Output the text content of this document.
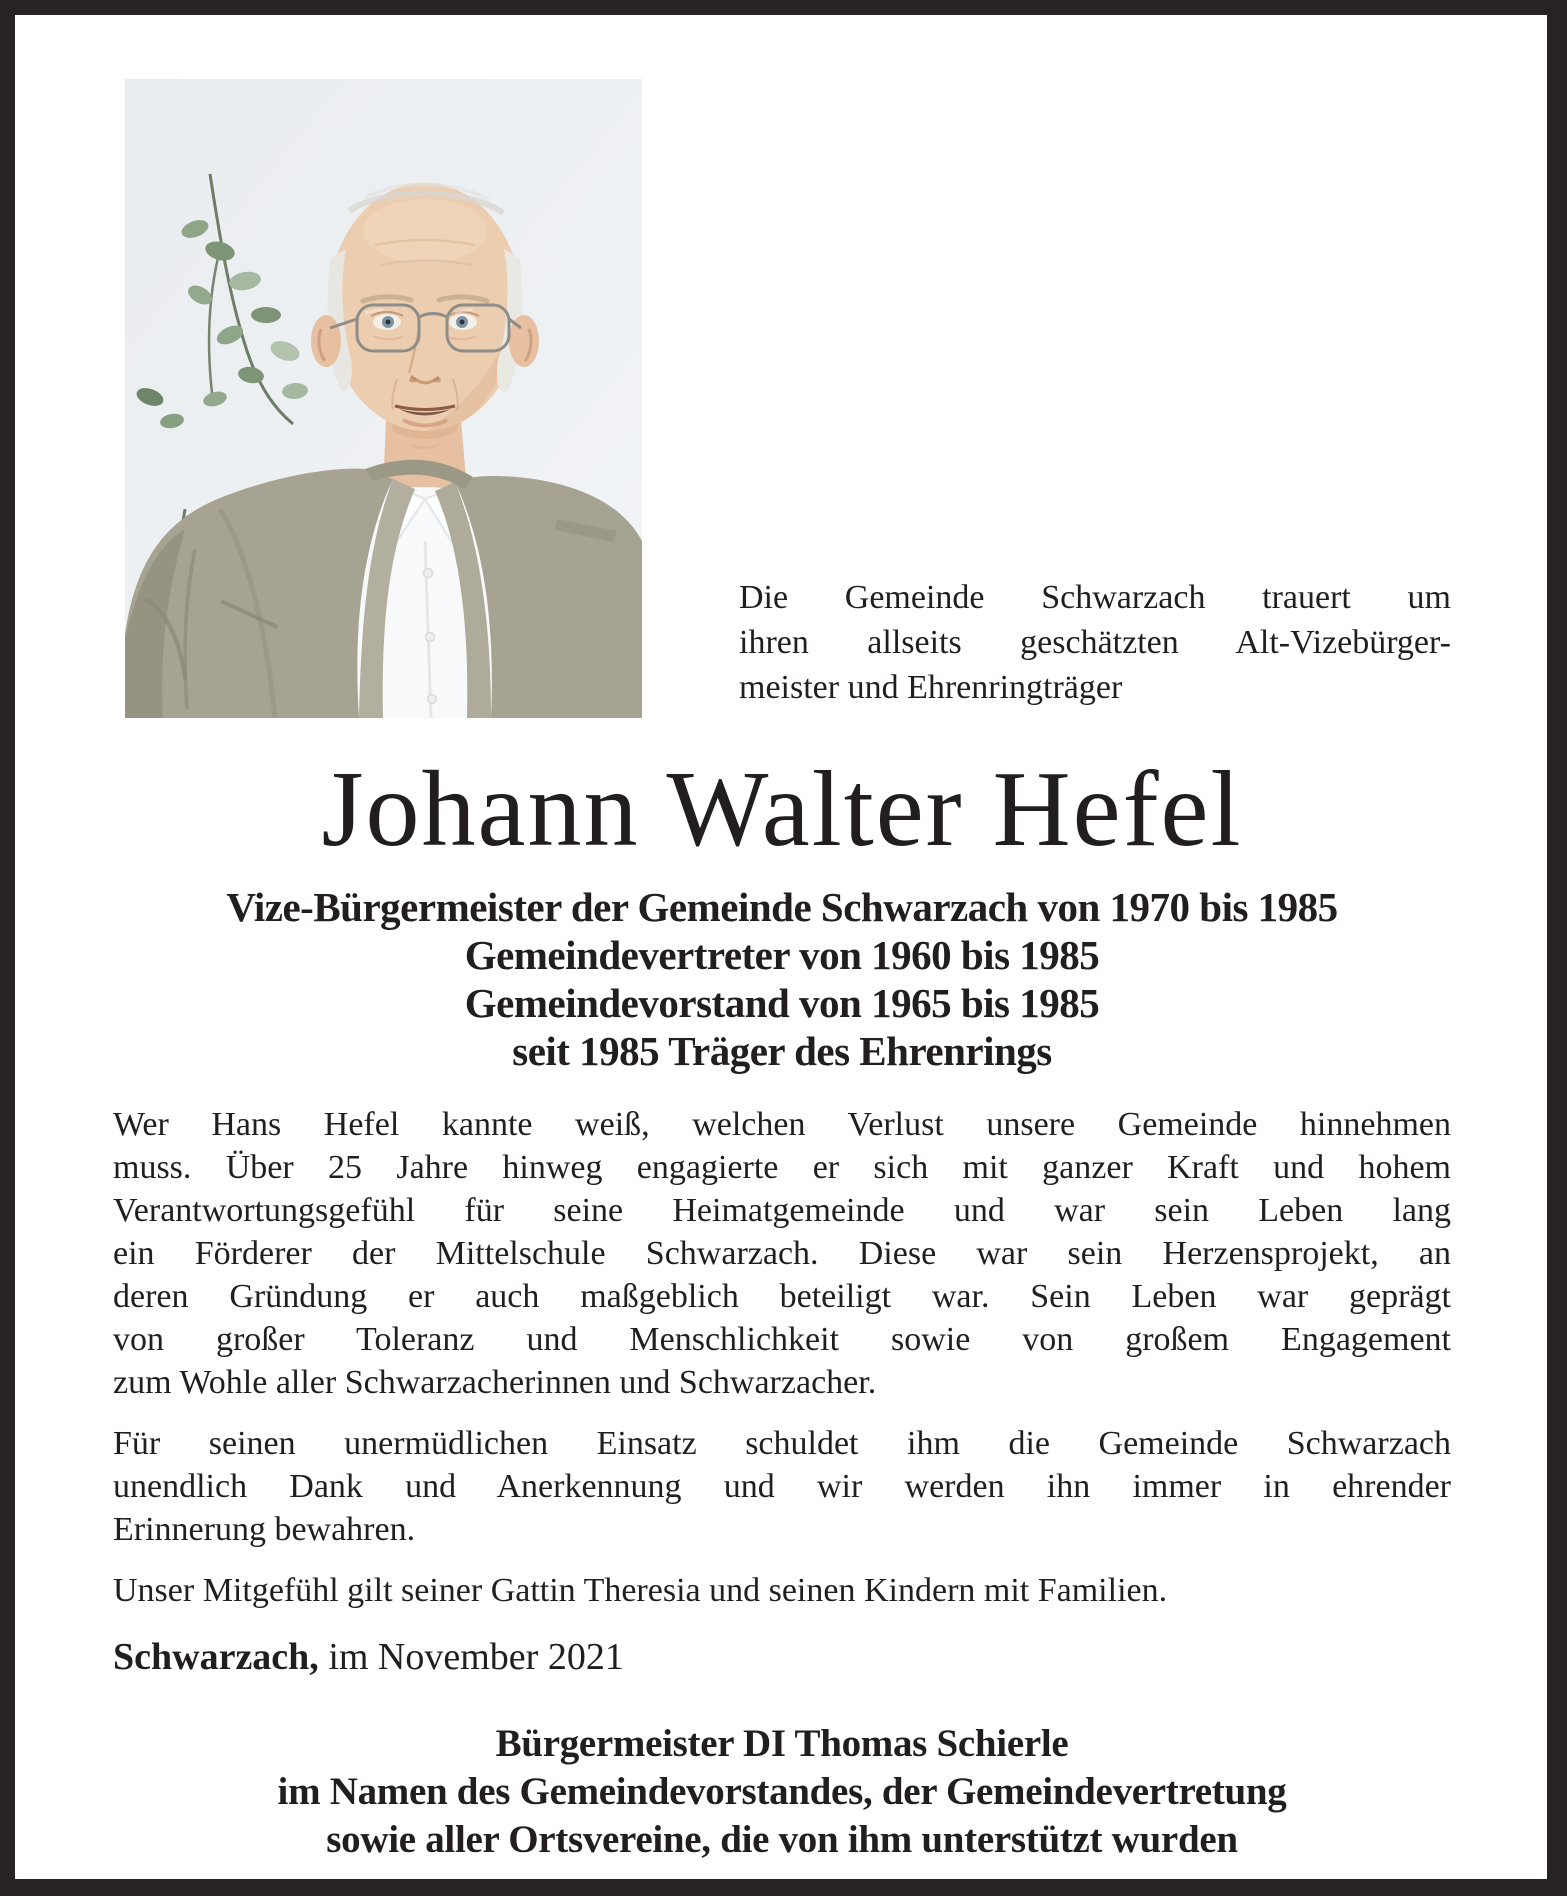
Die Gemeinde Schwarzach trauert um
ihren allseits geschätzten Alt-Vizebürger-
meister und Ehrenringträger

Johann Walter Hefel
Vize-Bürgermeister der Gemeinde Schwarzach von 1970 bis 1985
Gemeindevertreter von 1960 bis 1985
Gemeindevorstand von 1965 bis 1985
seit 1985 Träger des Ehrenrings
Wer Hans Hefel kannte weiß, welchen Verlust unsere Gemeinde hinnehmen
muss. Über 25 Jahre hinweg engagierte er sich mit ganzer Kraft und hohem
Verantwortungsgefühl für seine Heimatgemeinde und war sein Leben lang
ein Förderer der Mittelschule Schwarzach. Diese war sein Herzensprojekt, an
deren Gründung er auch maßgeblich beteiligt war. Sein Leben war geprägt
von großer Toleranz und Menschlichkeit sowie von großem Engagement
zum Wohle aller Schwarzacherinnen und Schwarzacher.
Für seinen unermüdlichen Einsatz schuldet ihm die Gemeinde Schwarzach
unendlich Dank und Anerkennung und wir werden ihn immer in ehrender
Erinnerung bewahren.
Unser Mitgefühl gilt seiner Gattin Theresia und seinen Kindern mit Familien.

Schwarzach, im November 2021

Bürgermeister DI Thomas Schierle
im Namen des Gemeindevorstandes, der Gemeindevertretung
sowie aller Ortsvereine, die von ihm unterstützt wurden
